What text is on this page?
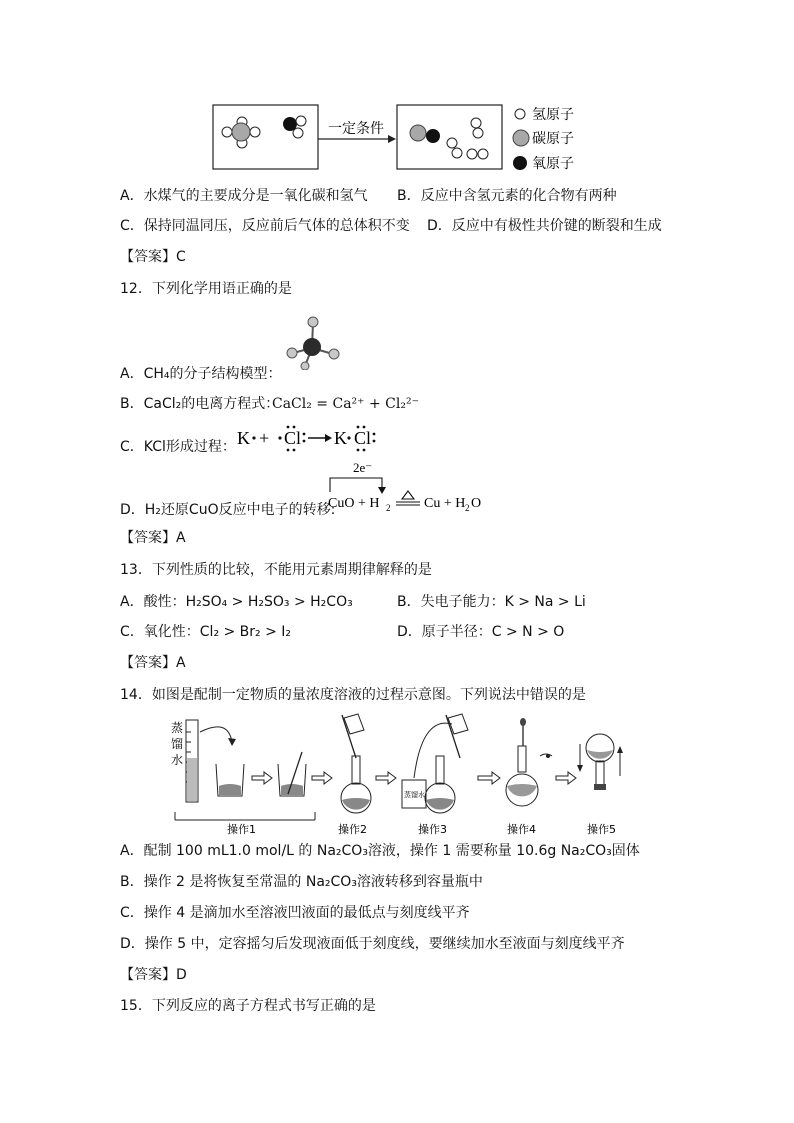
一定条件
氢原子
碳原子
氧原子
A．水煤气的主要成分是一氧化碳和氢气 B．反应中含氢元素的化合物有两种
C．保持同温同压，反应前后气体的总体积不变 D．反应中有极性共价键的断裂和生成
【答案】C
12．下列化学用语正确的是
A．CH₄的分子结构模型：
B．CaCl₂的电离方程式：
CaCl₂ = Ca²⁺ + Cl₂²⁻
C．KCl形成过程： K + Cl K Cl
D．H₂还原CuO反应中电子的转移:
2e⁻
CuO + H 2 Cu + H 2 O
【答案】A
13．下列性质的比较，不能用元素周期律解释的是
A．酸性：H₂SO₄ > H₂SO₃ > H₂CO₃	B．失电子能力：K > Na > Li
C．氧化性：Cl₂ > Br₂ > I₂	D．原子半径：C > N > O
【答案】A
14．如图是配制一定物质的量浓度溶液的过程示意图。下列说法中错误的是
蒸
馏
水
操作1	操作2
蒸馏水
操作3	操作4	操作5
A．配制 100 mL1.0 mol/L 的 Na₂CO₃溶液，操作 1 需要称量 10.6g Na₂CO₃固体
B．操作 2 是将恢复至常温的 Na₂CO₃溶液转移到容量瓶中
C．操作 4 是滴加水至溶液凹液面的最低点与刻度线平齐
D．操作 5 中，定容摇匀后发现液面低于刻度线，要继续加水至液面与刻度线平齐
【答案】D
15．下列反应的离子方程式书写正确的是
